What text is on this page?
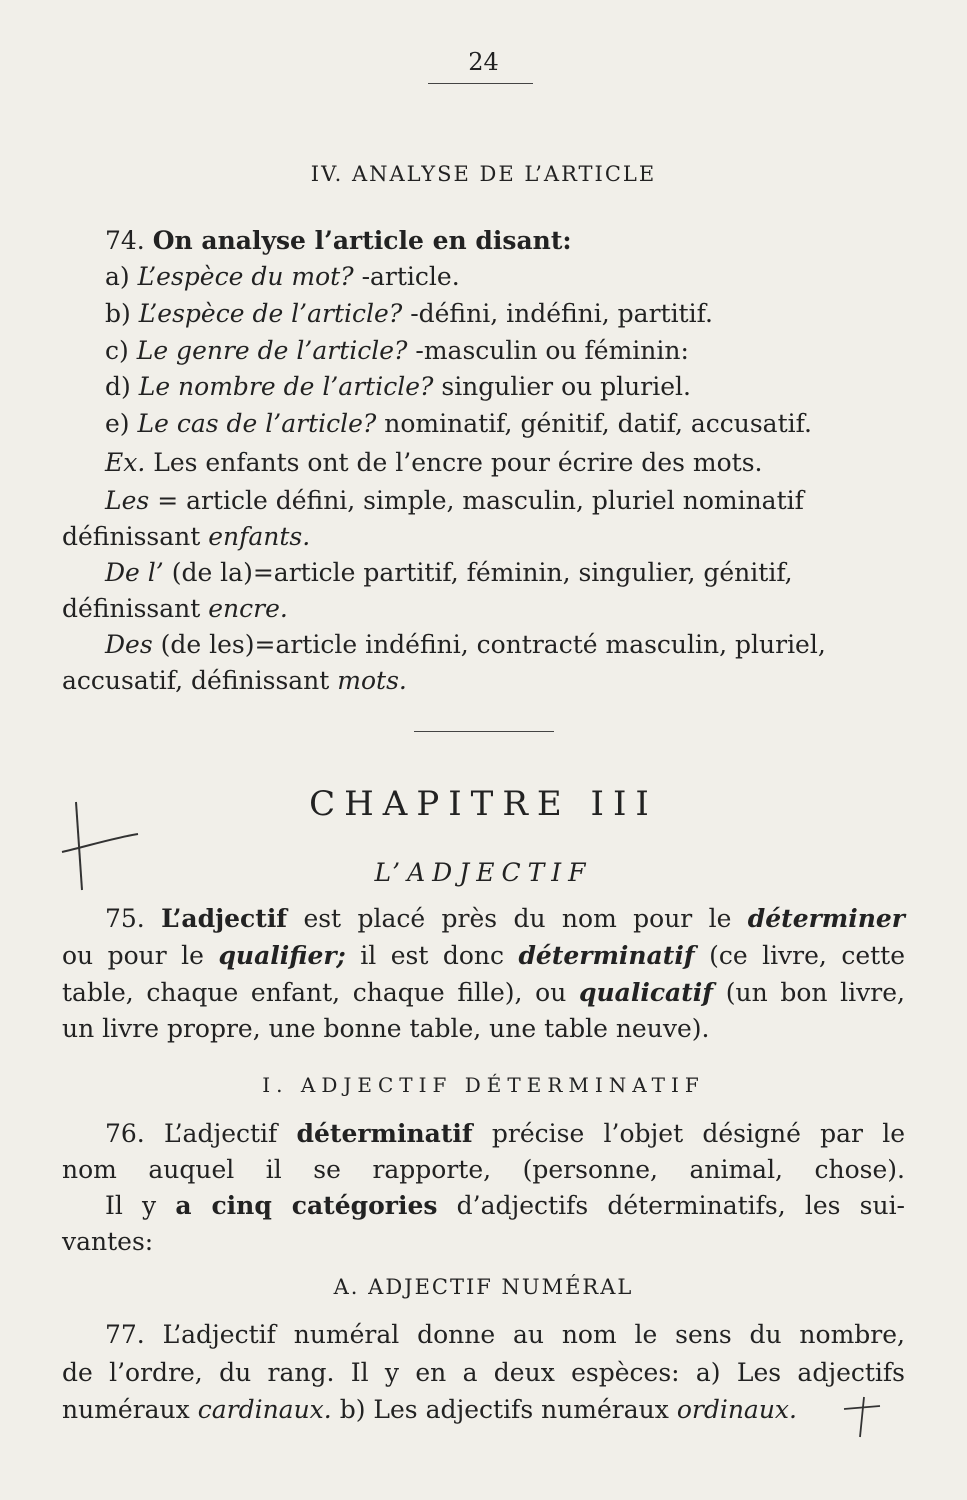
24
IV. ANALYSE DE L’ARTICLE
74. On analyse l’article en disant:
a) L’espèce du mot? -article.
b) L’espèce de l’article? -défini, indéfini, partitif.
c) Le genre de l’article? -masculin ou féminin:
d) Le nombre de l’article? singulier ou pluriel.
e) Le cas de l’article? nominatif, génitif, datif, accusatif.
Ex. Les enfants ont de l’encre pour écrire des mots.
Les = article défini, simple, masculin, pluriel nominatif
définissant enfants.
De l’ (de la)=article partitif, féminin, singulier, génitif,
définissant encre.
Des (de les)=article indéfini, contracté masculin, pluriel,
accusatif, définissant mots.
CHAPITRE III
L’ADJECTIF
75. L’adjectif est placé près du nom pour le déterminer
ou pour le qualifier; il est donc déterminatif (ce livre, cette
table, chaque enfant, chaque fille), ou qualicatif (un bon livre,
un livre propre, une bonne table, une table neuve).
I. ADJECTIF DÉTERMINATIF
76. L’adjectif déterminatif précise l’objet désigné par le
nom auquel il se rapporte, (personne, animal, chose).
Il y a cinq catégories d’adjectifs déterminatifs, les sui-
vantes:
A. ADJECTIF NUMÉRAL
77. L’adjectif numéral donne au nom le sens du nombre,
de l’ordre, du rang. Il y en a deux espèces: a) Les adjectifs
numéraux cardinaux. b) Les adjectifs numéraux ordinaux.
